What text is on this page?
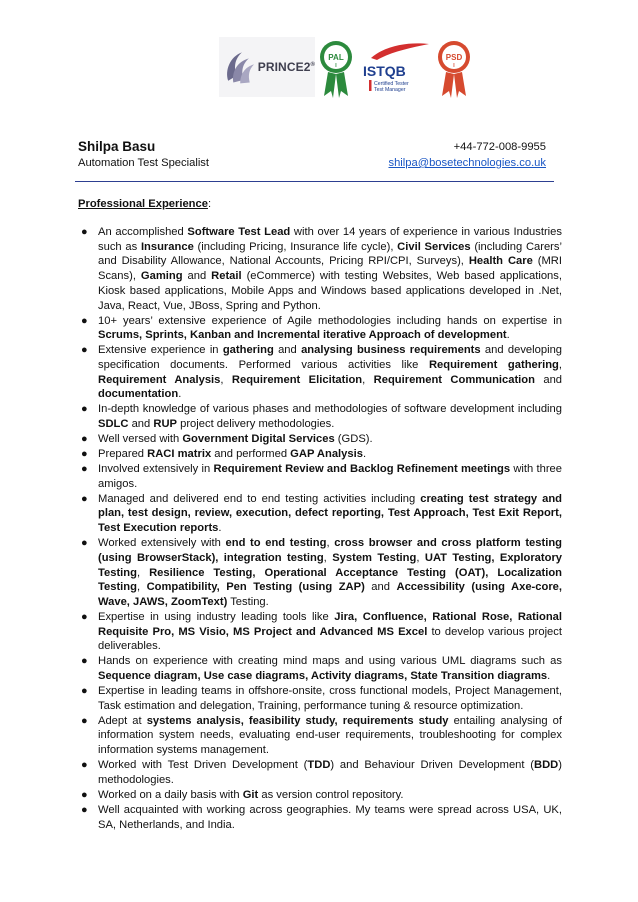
PRINCE2®
PAL
I ISTQB
Certified Tester
Test Manager
PSD
I
Shilpa Basu
Automation Test Specialist
+44-772-008-9955
shilpa@bosetechnologies.co.uk
Professional Experience:
● An accomplished Software Test Lead with over 14 years of experience in various Industries such as Insurance (including Pricing, Insurance life cycle), Civil Services (including Carers’ and Disability Allowance, National Accounts, Pricing RPI/CPI, Surveys), Health Care (MRI Scans), Gaming and Retail (eCommerce) with testing Websites, Web based applications, Kiosk based applications, Mobile Apps and Windows based applications developed in .Net, Java, React, Vue, JBoss, Spring and Python.
● 10+ years’ extensive experience of Agile methodologies including hands on expertise in Scrums, Sprints, Kanban and Incremental iterative Approach of development.
● Extensive experience in gathering and analysing business requirements and developing specification documents. Performed various activities like Requirement gathering, Requirement Analysis, Requirement Elicitation, Requirement Communication and documentation.
● In-depth knowledge of various phases and methodologies of software development including SDLC and RUP project delivery methodologies.
● Well versed with Government Digital Services (GDS).
● Prepared RACI matrix and performed GAP Analysis.
● Involved extensively in Requirement Review and Backlog Refinement meetings with three amigos.
● Managed and delivered end to end testing activities including creating test strategy and plan, test design, review, execution, defect reporting, Test Approach, Test Exit Report, Test Execution reports.
● Worked extensively with end to end testing, cross browser and cross platform testing (using BrowserStack), integration testing, System Testing, UAT Testing, Exploratory Testing, Resilience Testing, Operational Acceptance Testing (OAT), Localization Testing, Compatibility, Pen Testing (using ZAP) and Accessibility (using Axe-core, Wave, JAWS, ZoomText) Testing.
● Expertise in using industry leading tools like Jira, Confluence, Rational Rose, Rational Requisite Pro, MS Visio, MS Project and Advanced MS Excel to develop various project deliverables.
● Hands on experience with creating mind maps and using various UML diagrams such as Sequence diagram, Use case diagrams, Activity diagrams, State Transition diagrams.
● Expertise in leading teams in offshore-onsite, cross functional models, Project Management, Task estimation and delegation, Training, performance tuning & resource optimization.
● Adept at systems analysis, feasibility study, requirements study entailing analysing of information system needs, evaluating end-user requirements, troubleshooting for complex information systems management.
● Worked with Test Driven Development (TDD) and Behaviour Driven Development (BDD) methodologies.
● Worked on a daily basis with Git as version control repository.
● Well acquainted with working across geographies. My teams were spread across USA, UK, SA, Netherlands, and India.
